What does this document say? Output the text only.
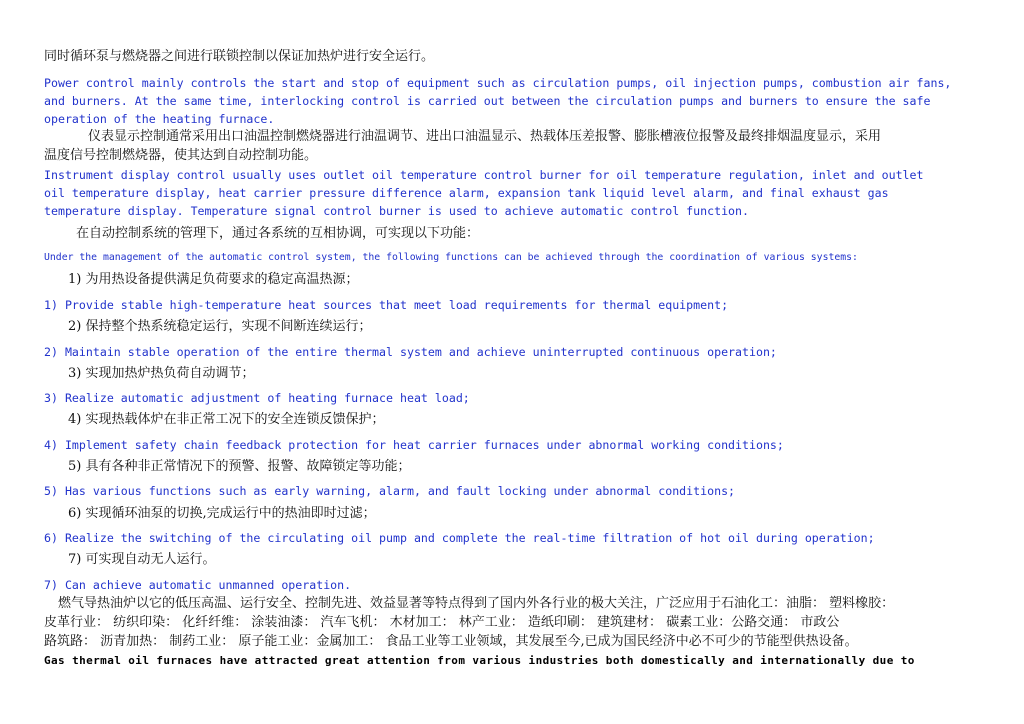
同时循环泵与燃烧器之间进行联锁控制以保证加热炉进行安全运行。

Power control mainly controls the start and stop of equipment such as circulation pumps, oil injection pumps, combustion air fans,

and burners. At the same time, interlocking control is carried out between the circulation pumps and burners to ensure the safe

operation of the heating furnace.

仪表显示控制通常采用出口油温控制燃烧器进行油温调节、进出口油温显示、热载体压差报警、膨胀槽液位报警及最终排烟温度显示，采用

温度信号控制燃烧器，使其达到自动控制功能。

Instrument display control usually uses outlet oil temperature control burner for oil temperature regulation, inlet and outlet

oil temperature display, heat carrier pressure difference alarm, expansion tank liquid level alarm, and final exhaust gas

temperature display. Temperature signal control burner is used to achieve automatic control function.

在自动控制系统的管理下，通过各系统的互相协调，可实现以下功能：

Under the management of the automatic control system, the following functions can be achieved through the coordination of various systems:

1) 为用热设备提供满足负荷要求的稳定高温热源；

1) Provide stable high-temperature heat sources that meet load requirements for thermal equipment;

2) 保持整个热系统稳定运行，实现不间断连续运行；

2) Maintain stable operation of the entire thermal system and achieve uninterrupted continuous operation;

3) 实现加热炉热负荷自动调节；

3) Realize automatic adjustment of heating furnace heat load;

4) 实现热载体炉在非正常工况下的安全连锁反馈保护；

4) Implement safety chain feedback protection for heat carrier furnaces under abnormal working conditions;

5) 具有各种非正常情况下的预警、报警、故障锁定等功能；

5) Has various functions such as early warning, alarm, and fault locking under abnormal conditions;

6) 实现循环油泵的切换,完成运行中的热油即时过滤；

6) Realize the switching of the circulating oil pump and complete the real-time filtration of hot oil during operation;

7) 可实现自动无人运行。

7) Can achieve automatic unmanned operation.

燃气导热油炉以它的低压高温、运行安全、控制先进、效益显著等特点得到了国内外各行业的极大关注，广泛应用于石油化工：油脂： 塑料橡胶：

皮革行业： 纺织印染： 化纤纤维： 涂装油漆： 汽车飞机： 木材加工： 林产工业： 造纸印刷： 建筑建材： 碳素工业：公路交通： 市政公

路筑路： 沥青加热： 制药工业： 原子能工业：金属加工： 食品工业等工业领域，其发展至今,已成为国民经济中必不可少的节能型供热设备。

Gas thermal oil furnaces have attracted great attention from various industries both domestically and internationally due to
